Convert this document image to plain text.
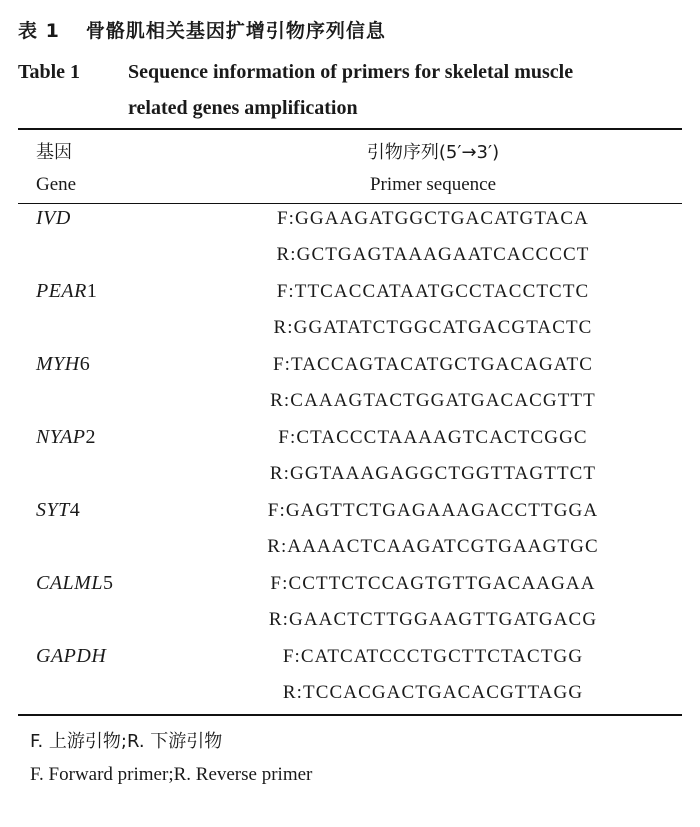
表 1 骨骼肌相关基因扩增引物序列信息
Table 1 Sequence information of primers for skeletal muscle
related genes amplification
基因	引物序列(5′→3′)
Gene	Primer sequence
IVD	F:GGAAGATGGCTGACATGTACA
R:GCTGAGTAAAGAATCACCCCT
PEAR1	F:TTCACCATAATGCCTACCTCTC
R:GGATATCTGGCATGACGTACTC
MYH6	F:TACCAGTACATGCTGACAGATC
R:CAAAGTACTGGATGACACGTTT
NYAP2	F:CTACCCTAAAAGTCACTCGGC
R:GGTAAAGAGGCTGGTTAGTTCT
SYT4	F:GAGTTCTGAGAAAGACCTTGGA
R:AAAACTCAAGATCGTGAAGTGC
CALML5	F:CCTTCTCCAGTGTTGACAAGAA
R:GAACTCTTGGAAGTTGATGACG
GAPDH	F:CATCATCCCTGCTTCTACTGG
R:TCCACGACTGACACGTTAGG
F. 上游引物;R. 下游引物
F. Forward primer;R. Reverse primer
